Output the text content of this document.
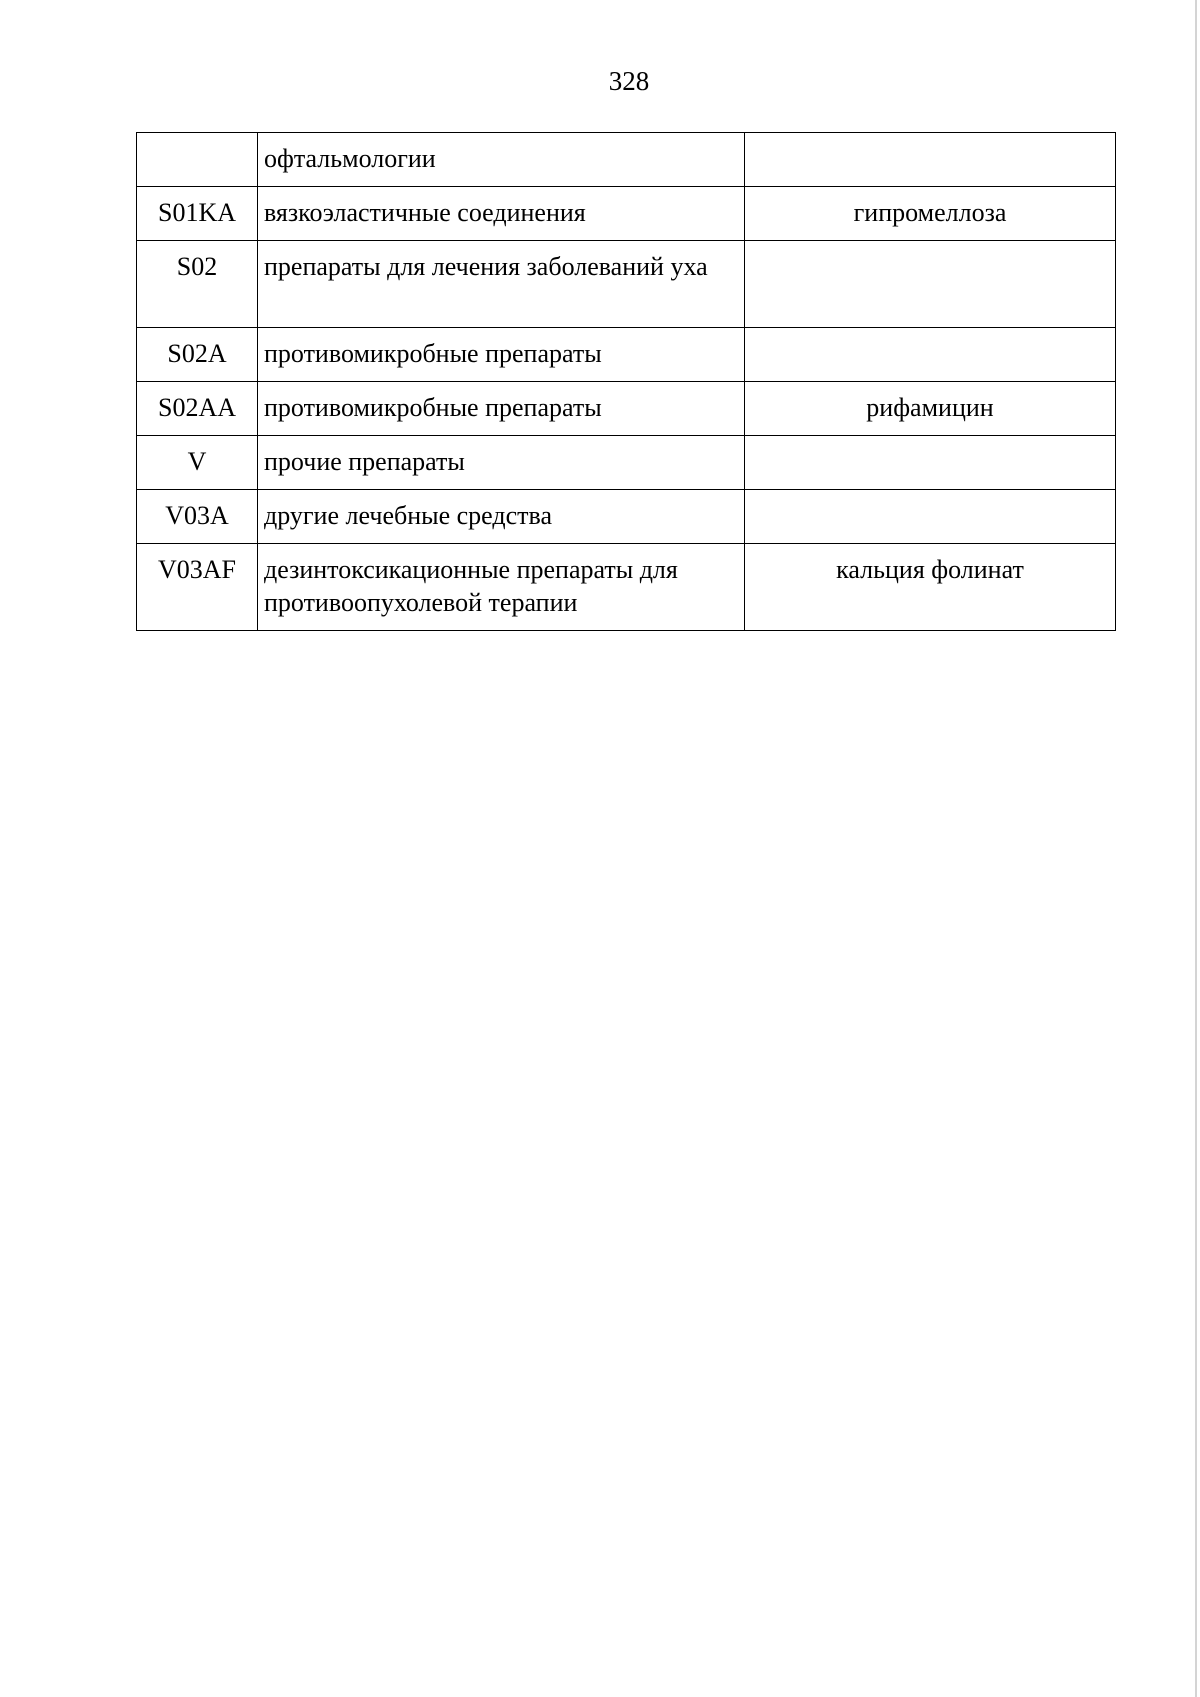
328
	офтальмологии	
S01KA	вязкоэластичные соединения	гипромеллоза
S02	препараты для лечения заболеваний уха	
S02A	противомикробные препараты	
S02AA	противомикробные препараты	рифамицин
V	прочие препараты	
V03A	другие лечебные средства	
V03AF	дезинтоксикационные препараты для противоопухолевой терапии	кальция фолинат
